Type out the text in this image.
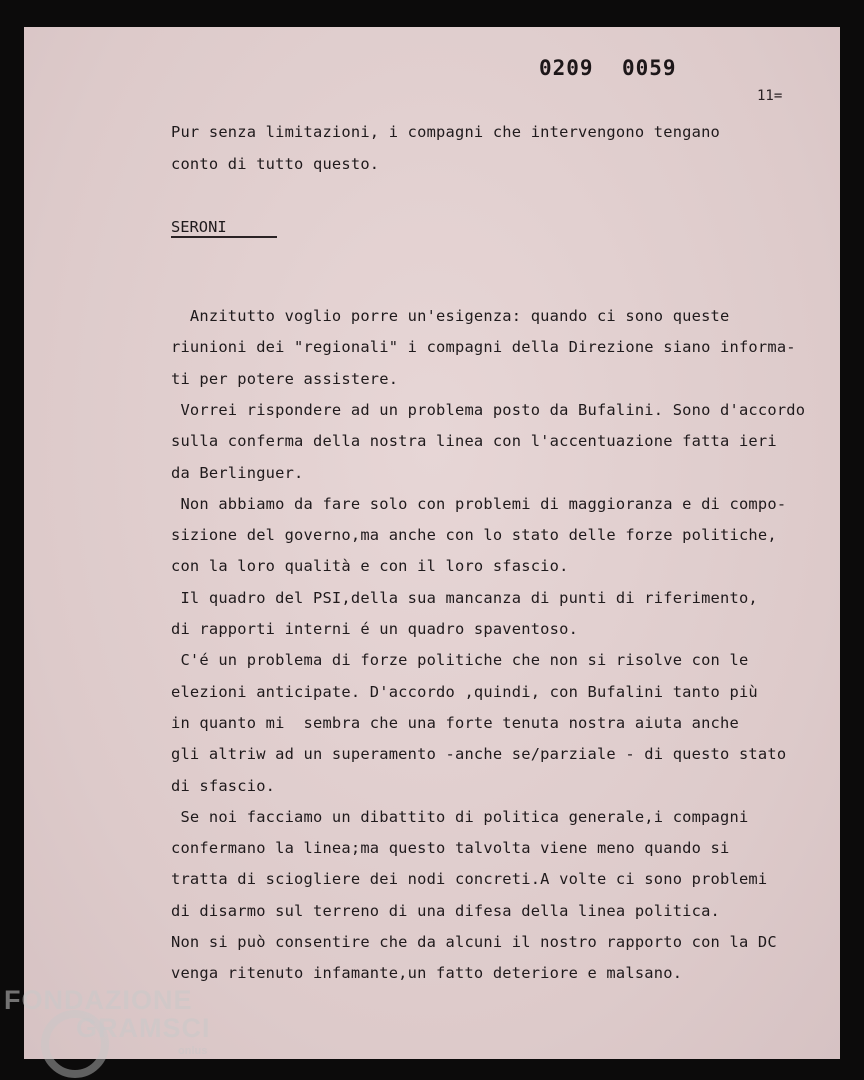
0209 0059
11=
Pur senza limitazioni, i compagni che intervengono tengano
conto di tutto questo.
SERONI
Anzitutto voglio porre un'esigenza: quando ci sono queste
riunioni dei "regionali" i compagni della Direzione siano informa-
ti per potere assistere.
Vorrei rispondere ad un problema posto da Bufalini. Sono d'accordo
sulla conferma della nostra linea con l'accentuazione fatta ieri
da Berlinguer.
Non abbiamo da fare solo con problemi di maggioranza e di compo-
sizione del governo,ma anche con lo stato delle forze politiche,
con la loro qualità e con il loro sfascio.
Il quadro del PSI,della sua mancanza di punti di riferimento,
di rapporti interni é un quadro spaventoso.
C'é un problema di forze politiche che non si risolve con le
elezioni anticipate. D'accordo ,quindi, con Bufalini tanto più
in quanto mi  sembra che una forte tenuta nostra aiuta anche
gli altriw ad un superamento -anche se/parziale - di questo stato
di sfascio.
Se noi facciamo un dibattito di politica generale,i compagni
confermano la linea;ma questo talvolta viene meno quando si
tratta di sciogliere dei nodi concreti.A volte ci sono problemi
di disarmo sul terreno di una difesa della linea politica.
Non si può consentire che da alcuni il nostro rapporto con la DC
venga ritenuto infamante,un fatto deteriore e malsano.
FONDAZIONE
GRAMSCI
onlus
